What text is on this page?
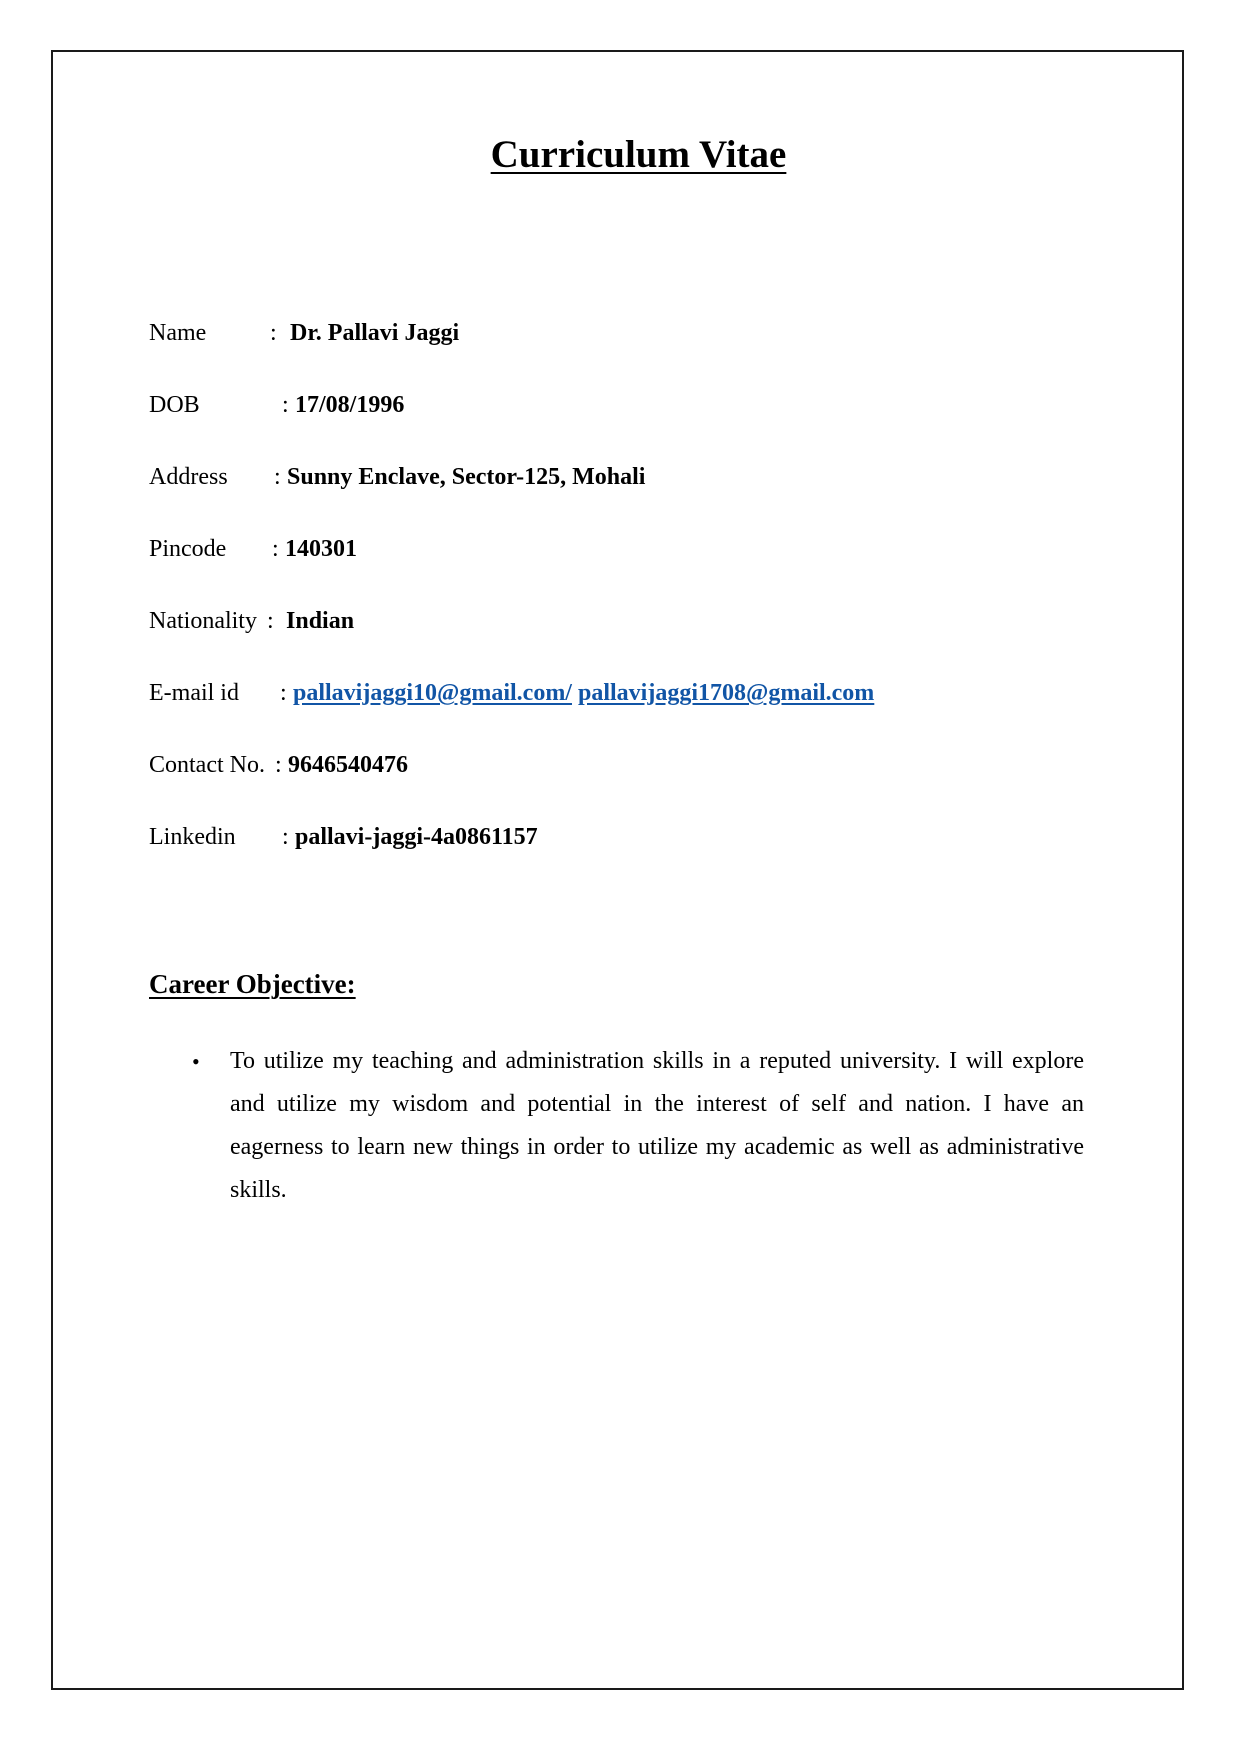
Curriculum Vitae
Name	: Dr. Pallavi Jaggi
DOB	: 17/08/1996
Address : Sunny Enclave, Sector-125, Mohali
Pincode : 140301
Nationality : Indian
E-mail id : pallavijaggi10@gmail.com/ pallavijaggi1708@gmail.com
Contact No. : 9646540476
Linkedin : pallavi-jaggi-4a0861157
Career Objective:
• To utilize my teaching and administration skills in a reputed university. I will explore and utilize my wisdom and potential in the interest of self and nation. I have an eagerness to learn new things in order to utilize my academic as well as administrative skills.
